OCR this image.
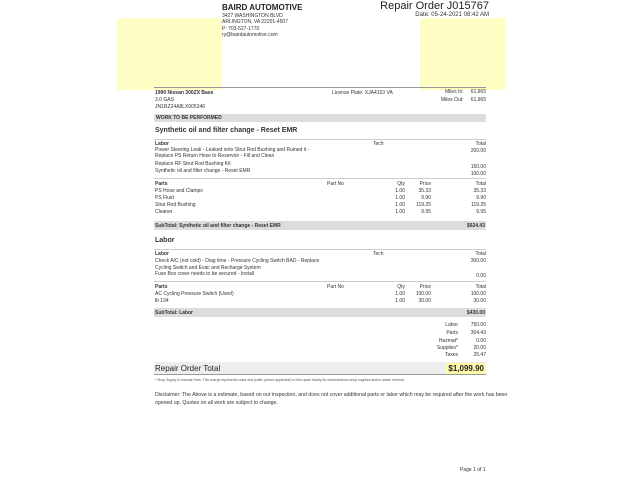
BAIRD AUTOMOTIVE
3427 WASHINGTON BLVD
ARLINGTON, VA 22201-4507
P: 703-527-1770
ry@bairdautomotive.com
Repair Order J015767
Date: 05-24-2021 08:42 AM
1990 Nissan 300ZX Base
3.0 GAS
JN1RZ24A8LX005246
License Plate: XJA4153 VA	Miles In:	61,965
Miles Out:	61,965
WORK TO BE PERFORMED
Synthetic oil and filter change - Reset EMR
Labor	Tech	Total
Power Steering Leak - Leaked onto Strut Rod Bushing and Ruined it -	200.00
Replace PS Return Hose to Reservoir - Fill and Clean
Replace RF Strut Rod Bushing Kit	150.00
Synthetic oil and filter change - Reset EMR	100.00
Parts	Part No	Qty	Price	Total
PS Hose and Clamps	1.00	35.33	35.33
PS Fluid	1.00	9.90	9.90
Strut Rod Bushing	1.00	119.25	119.25
Cleaner	1.00	9.95	9.95
SubTotal: Synthetic oil and filter change - Reset EMR	$624.43
Labor
Labor	Tech	Total
Check A/C (not cold) - Diag time - Pressure Cycling Switch BAD - Replace	300.00
Cycling Switch and Evac and Recharge System
Fuse Box cover needs to be secured - Install	0.00
Parts	Part No	Qty	Price	Total
AC Cycling Pressure Switch (Used)	1.00	100.00	100.00
lb 134	1.00	30.00	30.00
SubTotal: Labor	$430.00
Labor	750.00
Parts	304.43
Hazmat*	0.00
Supplies*	20.00
Taxes	25.47
Repair Order Total	$1,099.90
* Shop Supply & Hazmat Fees: This charge represents costs and profits (where applicable) to this repair facility for miscellaneous shop supplies and/or waste removal
Disclaimer: The Above is a estimate, based on our inspection, and does not cover additional parts or labor which may be required after the work has been
opened up. Quotes on all work are subject to change.
Page 1 of 1
